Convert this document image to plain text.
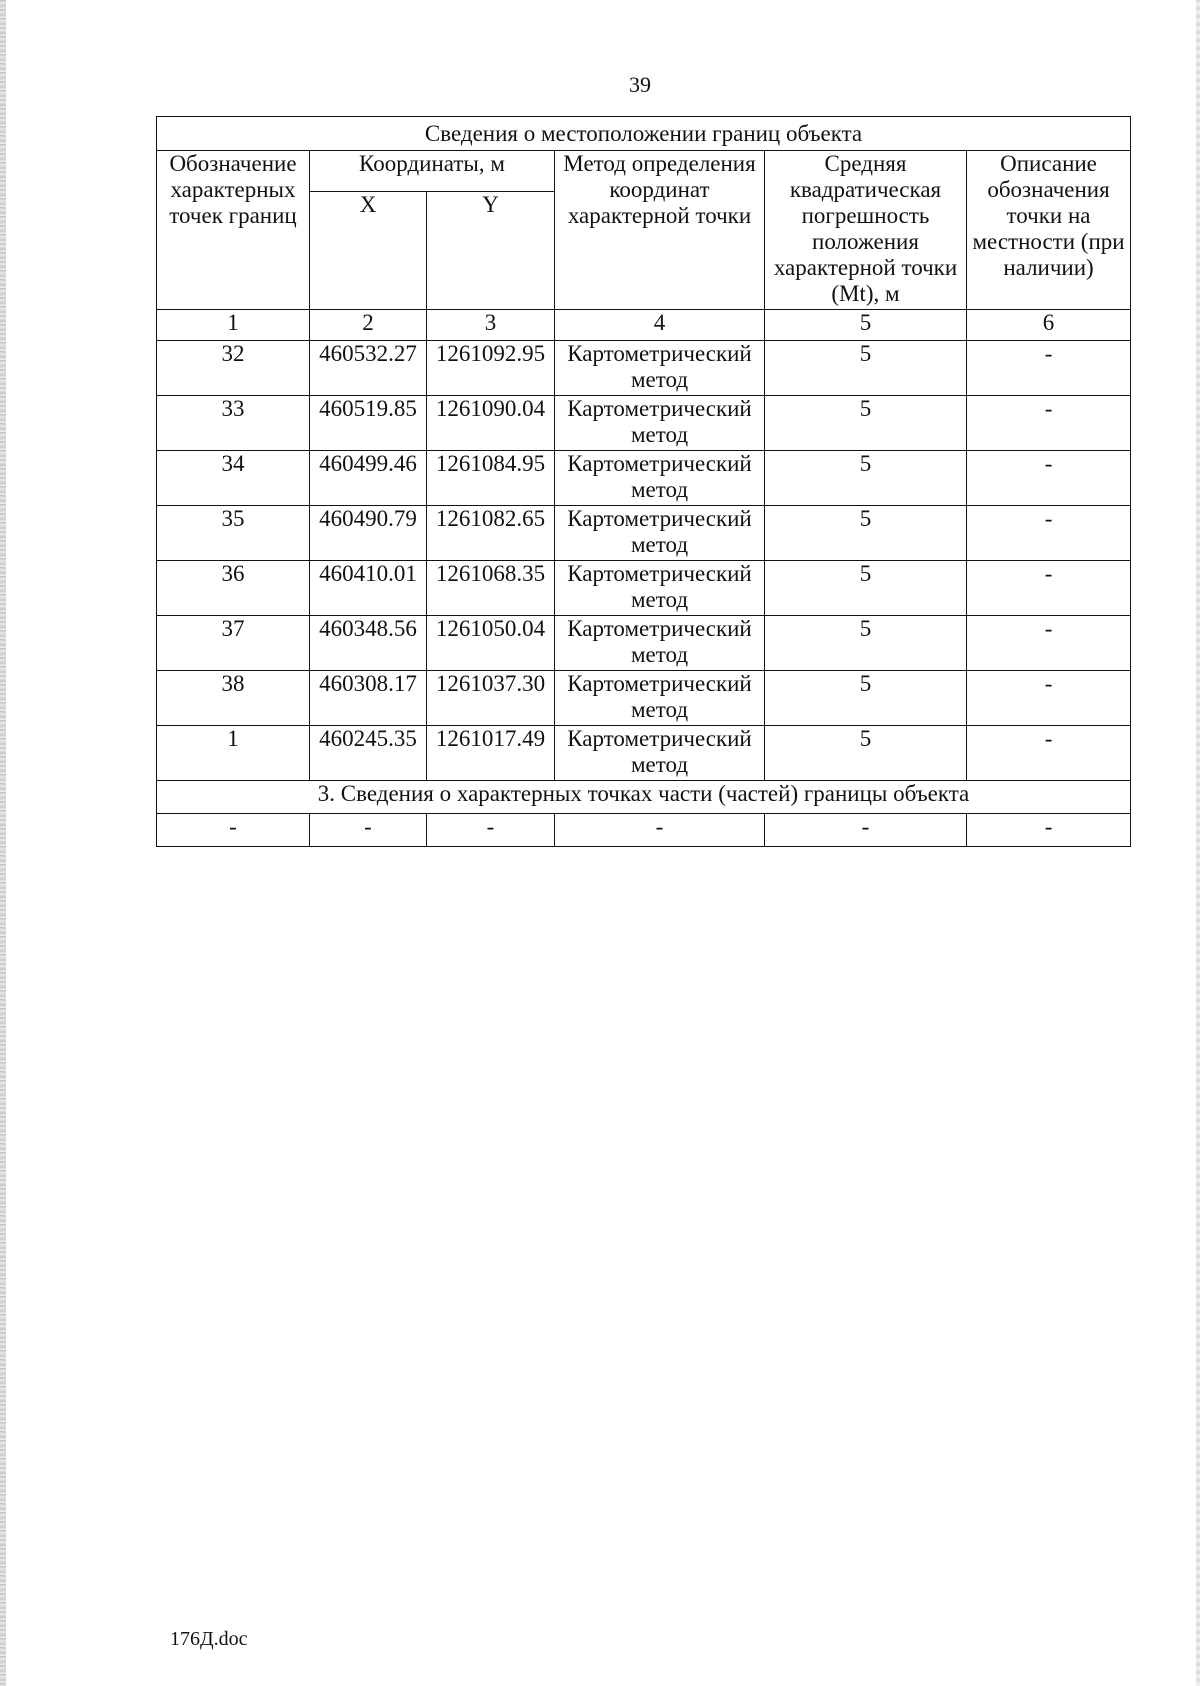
39
Сведения о местоположении границ объекта					
Обозначение характерных точек границ	Координаты, м		Метод определения координат характерной точки	Средняя квадратическая погрешность положения характерной точки (Mt), м	Описание обозначения точки на местности (при наличии)
	X	Y			
1	2	3	4	5	6
32	460532.27	1261092.95	Картометрический метод	5	-
33	460519.85	1261090.04	Картометрический метод	5	-
34	460499.46	1261084.95	Картометрический метод	5	-
35	460490.79	1261082.65	Картометрический метод	5	-
36	460410.01	1261068.35	Картометрический метод	5	-
37	460348.56	1261050.04	Картометрический метод	5	-
38	460308.17	1261037.30	Картометрический метод	5	-
1	460245.35	1261017.49	Картометрический метод	5	-
3. Сведения о характерных точках части (частей) границы объекта					
-	-	-	-	-	-
176Д.doc
